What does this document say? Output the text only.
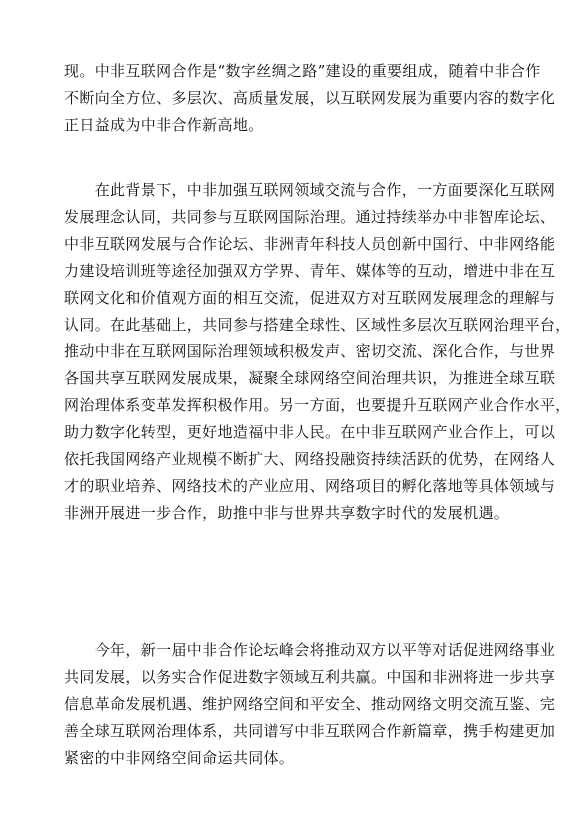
现。中非互联网合作是“数字丝绸之路”建设的重要组成，随着中非合作
不断向全方位、多层次、高质量发展，以互联网发展为重要内容的数字化
正日益成为中非合作新高地。

　　在此背景下，中非加强互联网领域交流与合作，一方面要深化互联网
发展理念认同，共同参与互联网国际治理。通过持续举办中非智库论坛、
中非互联网发展与合作论坛、非洲青年科技人员创新中国行、中非网络能
力建设培训班等途径加强双方学界、青年、媒体等的互动，增进中非在互
联网文化和价值观方面的相互交流，促进双方对互联网发展理念的理解与
认同。在此基础上，共同参与搭建全球性、区域性多层次互联网治理平台，
推动中非在互联网国际治理领域积极发声、密切交流、深化合作，与世界
各国共享互联网发展成果，凝聚全球网络空间治理共识，为推进全球互联
网治理体系变革发挥积极作用。另一方面，也要提升互联网产业合作水平，
助力数字化转型，更好地造福中非人民。在中非互联网产业合作上，可以
依托我国网络产业规模不断扩大、网络投融资持续活跃的优势，在网络人
才的职业培养、网络技术的产业应用、网络项目的孵化落地等具体领域与
非洲开展进一步合作，助推中非与世界共享数字时代的发展机遇。

　　今年，新一届中非合作论坛峰会将推动双方以平等对话促进网络事业
共同发展，以务实合作促进数字领域互利共赢。中国和非洲将进一步共享
信息革命发展机遇、维护网络空间和平安全、推动网络文明交流互鉴、完
善全球互联网治理体系，共同谱写中非互联网合作新篇章，携手构建更加
紧密的中非网络空间命运共同体。
